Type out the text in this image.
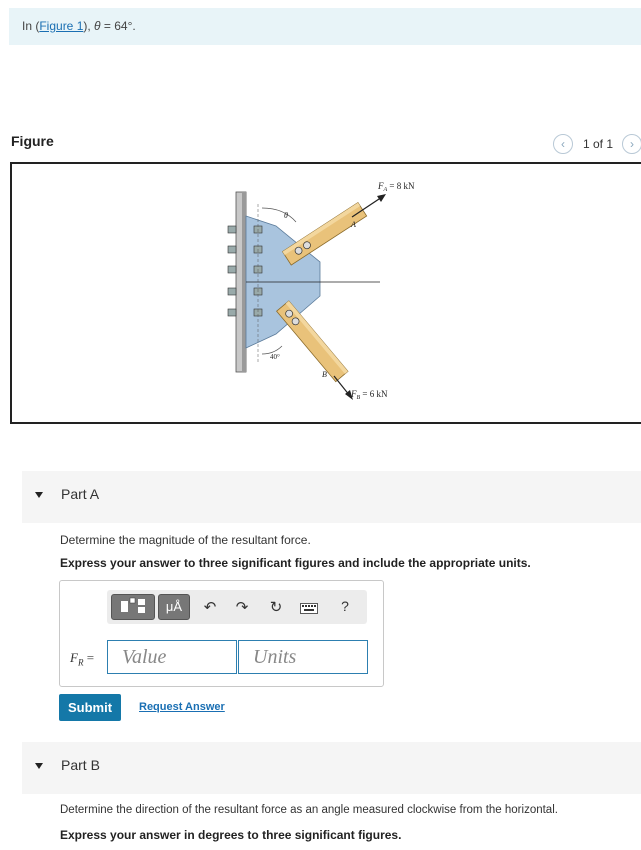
In (Figure 1), θ = 64°.
Figure	‹	1 of 1	›
$F_A = 8$ kN
$F_B = 6$ kN
A
B
θ
40°
Part A
Determine the magnitude of the resultant force.
Express your answer to three significant figures and include the appropriate units.
μÅ	↶ ↷ ↻	?
$F_R$ =	Value	Units
Submit	Request Answer
Part B
Determine the direction of the resultant force as an angle measured clockwise from the horizontal.
Express your answer in degrees to three significant figures.
